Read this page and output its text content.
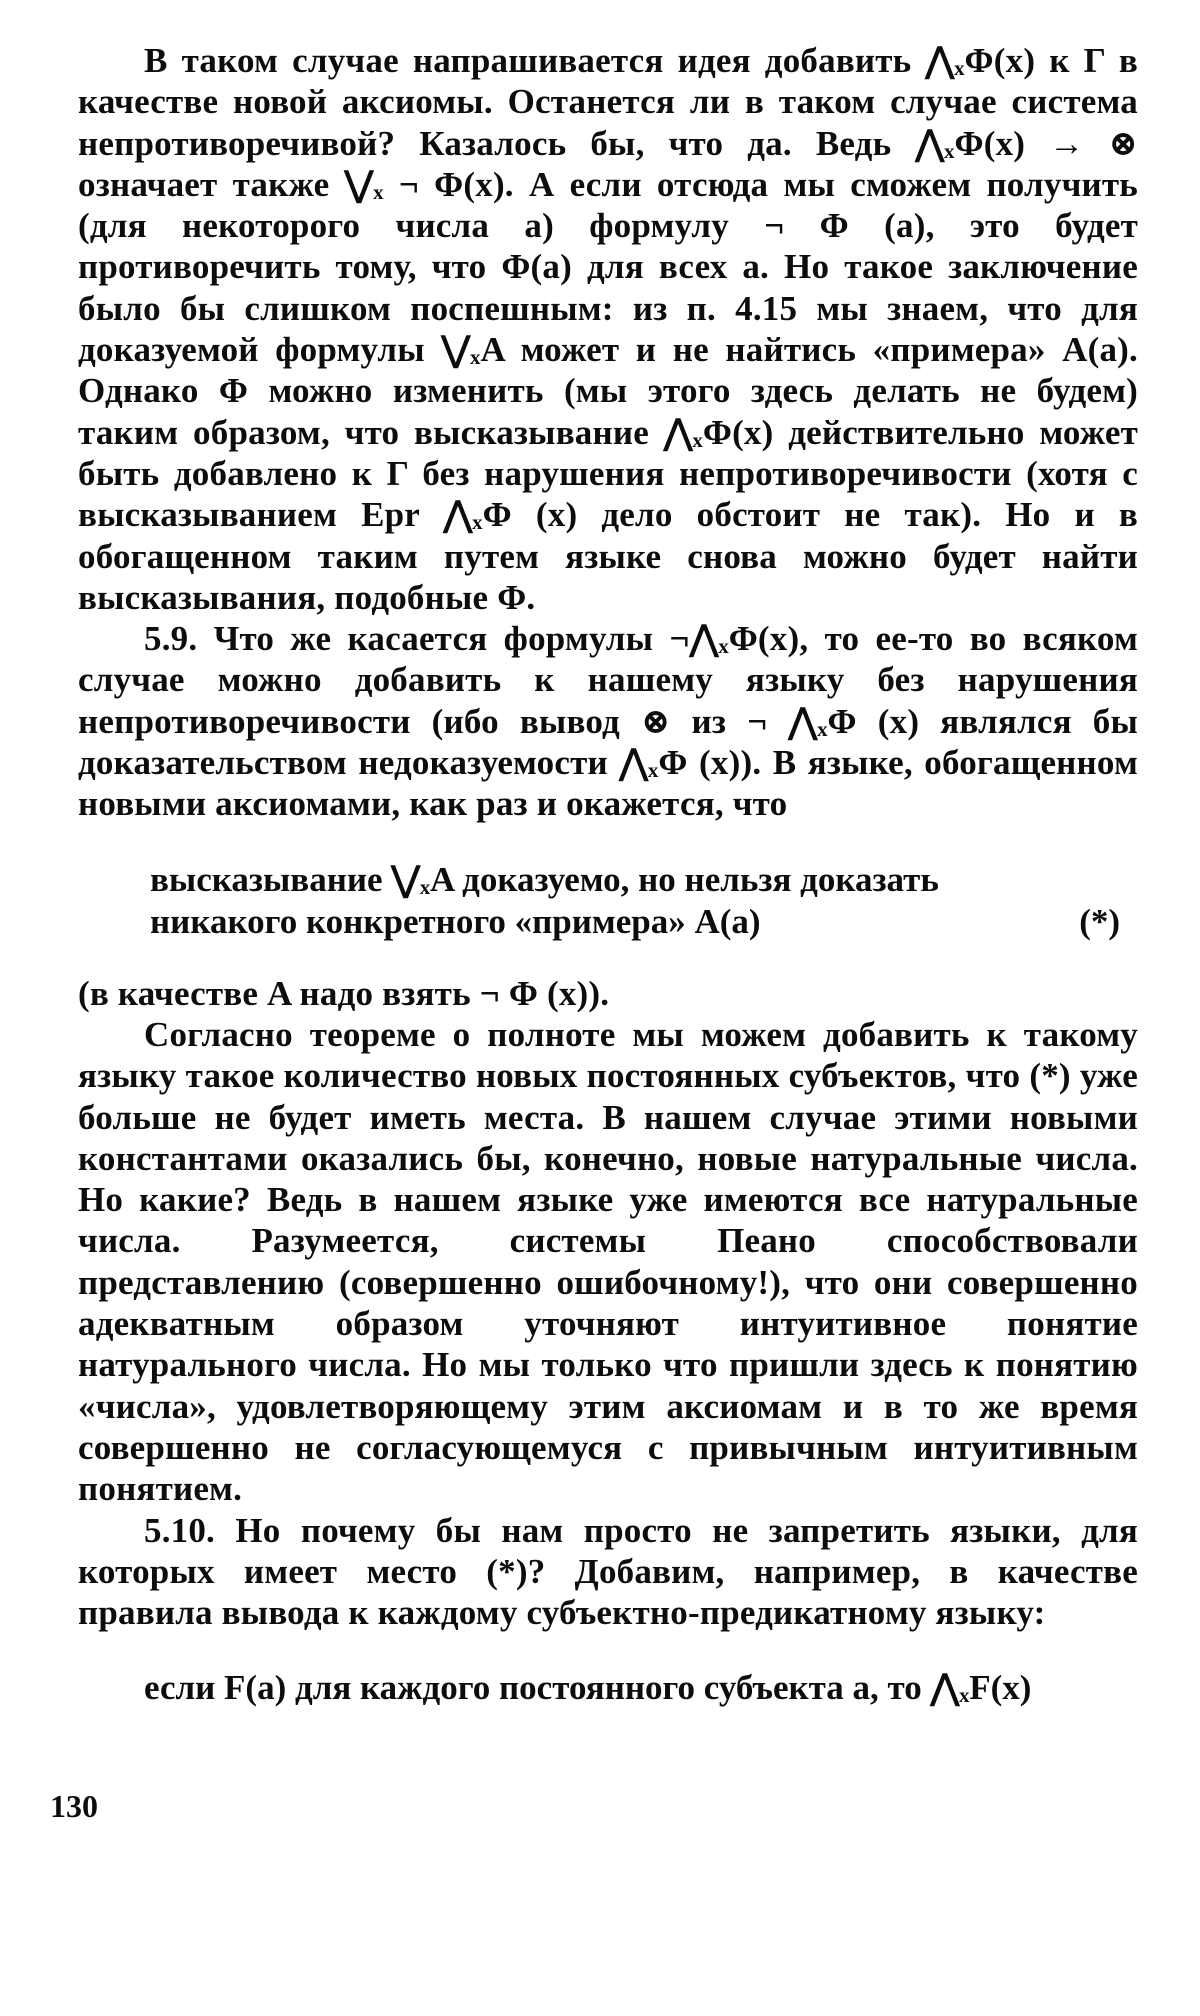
В таком случае напрашивается идея добавить ⋀ₓΦ(x) к Γ в качестве новой аксиомы. Останется ли в таком случае система непротиворечивой? Казалось бы, что да. Ведь ⋀ₓΦ(x) → ⊗ означает также ⋁ₓ ¬ Φ(x). А если отсюда мы сможем получить (для некоторого числа a) формулу ¬ Φ (a), это будет противоречить тому, что Φ(a) для всех a. Но такое заключение было бы слишком поспешным: из п. 4.15 мы знаем, что для доказуемой формулы ⋁ₓA может и не найтись «примера» A(a). Однако Φ можно изменить (мы этого здесь делать не будем) таким образом, что высказывание ⋀ₓΦ(x) действительно может быть добавлено к Γ без нарушения непротиворечивости (хотя с высказыванием Epr ⋀ₓΦ (x) дело обстоит не так). Но и в обогащенном таким путем языке снова можно будет найти высказывания, подобные Φ.

5.9. Что же касается формулы ¬⋀ₓΦ(x), то ее-то во всяком случае можно добавить к нашему языку без нарушения непротиворечивости (ибо вывод ⊗ из ¬ ⋀ₓΦ (x) являлся бы доказательством недоказуемости ⋀ₓΦ (x)). В языке, обогащенном новыми аксиомами, как раз и окажется, что

высказывание ⋁ₓA доказуемо, но нельзя доказать
никакого конкретного «примера» A(a)	(*)

(в качестве A надо взять ¬ Φ (x)).

Согласно теореме о полноте мы можем добавить к такому языку такое количество новых постоянных субъектов, что (*) уже больше не будет иметь места. В нашем случае этими новыми константами оказались бы, конечно, новые натуральные числа. Но какие? Ведь в нашем языке уже имеются все натуральные числа. Разумеется, системы Пеано способствовали представлению (совершенно ошибочному!), что они совершенно адекватным образом уточняют интуитивное понятие натурального числа. Но мы только что пришли здесь к понятию «числа», удовлетворяющему этим аксиомам и в то же время совершенно не согласующемуся с привычным интуитивным понятием.

5.10. Но почему бы нам просто не запретить языки, для которых имеет место (*)? Добавим, например, в качестве правила вывода к каждому субъектно-предикатному языку:

если F(a) для каждого постоянного субъекта a, то ⋀ₓF(x)
130
